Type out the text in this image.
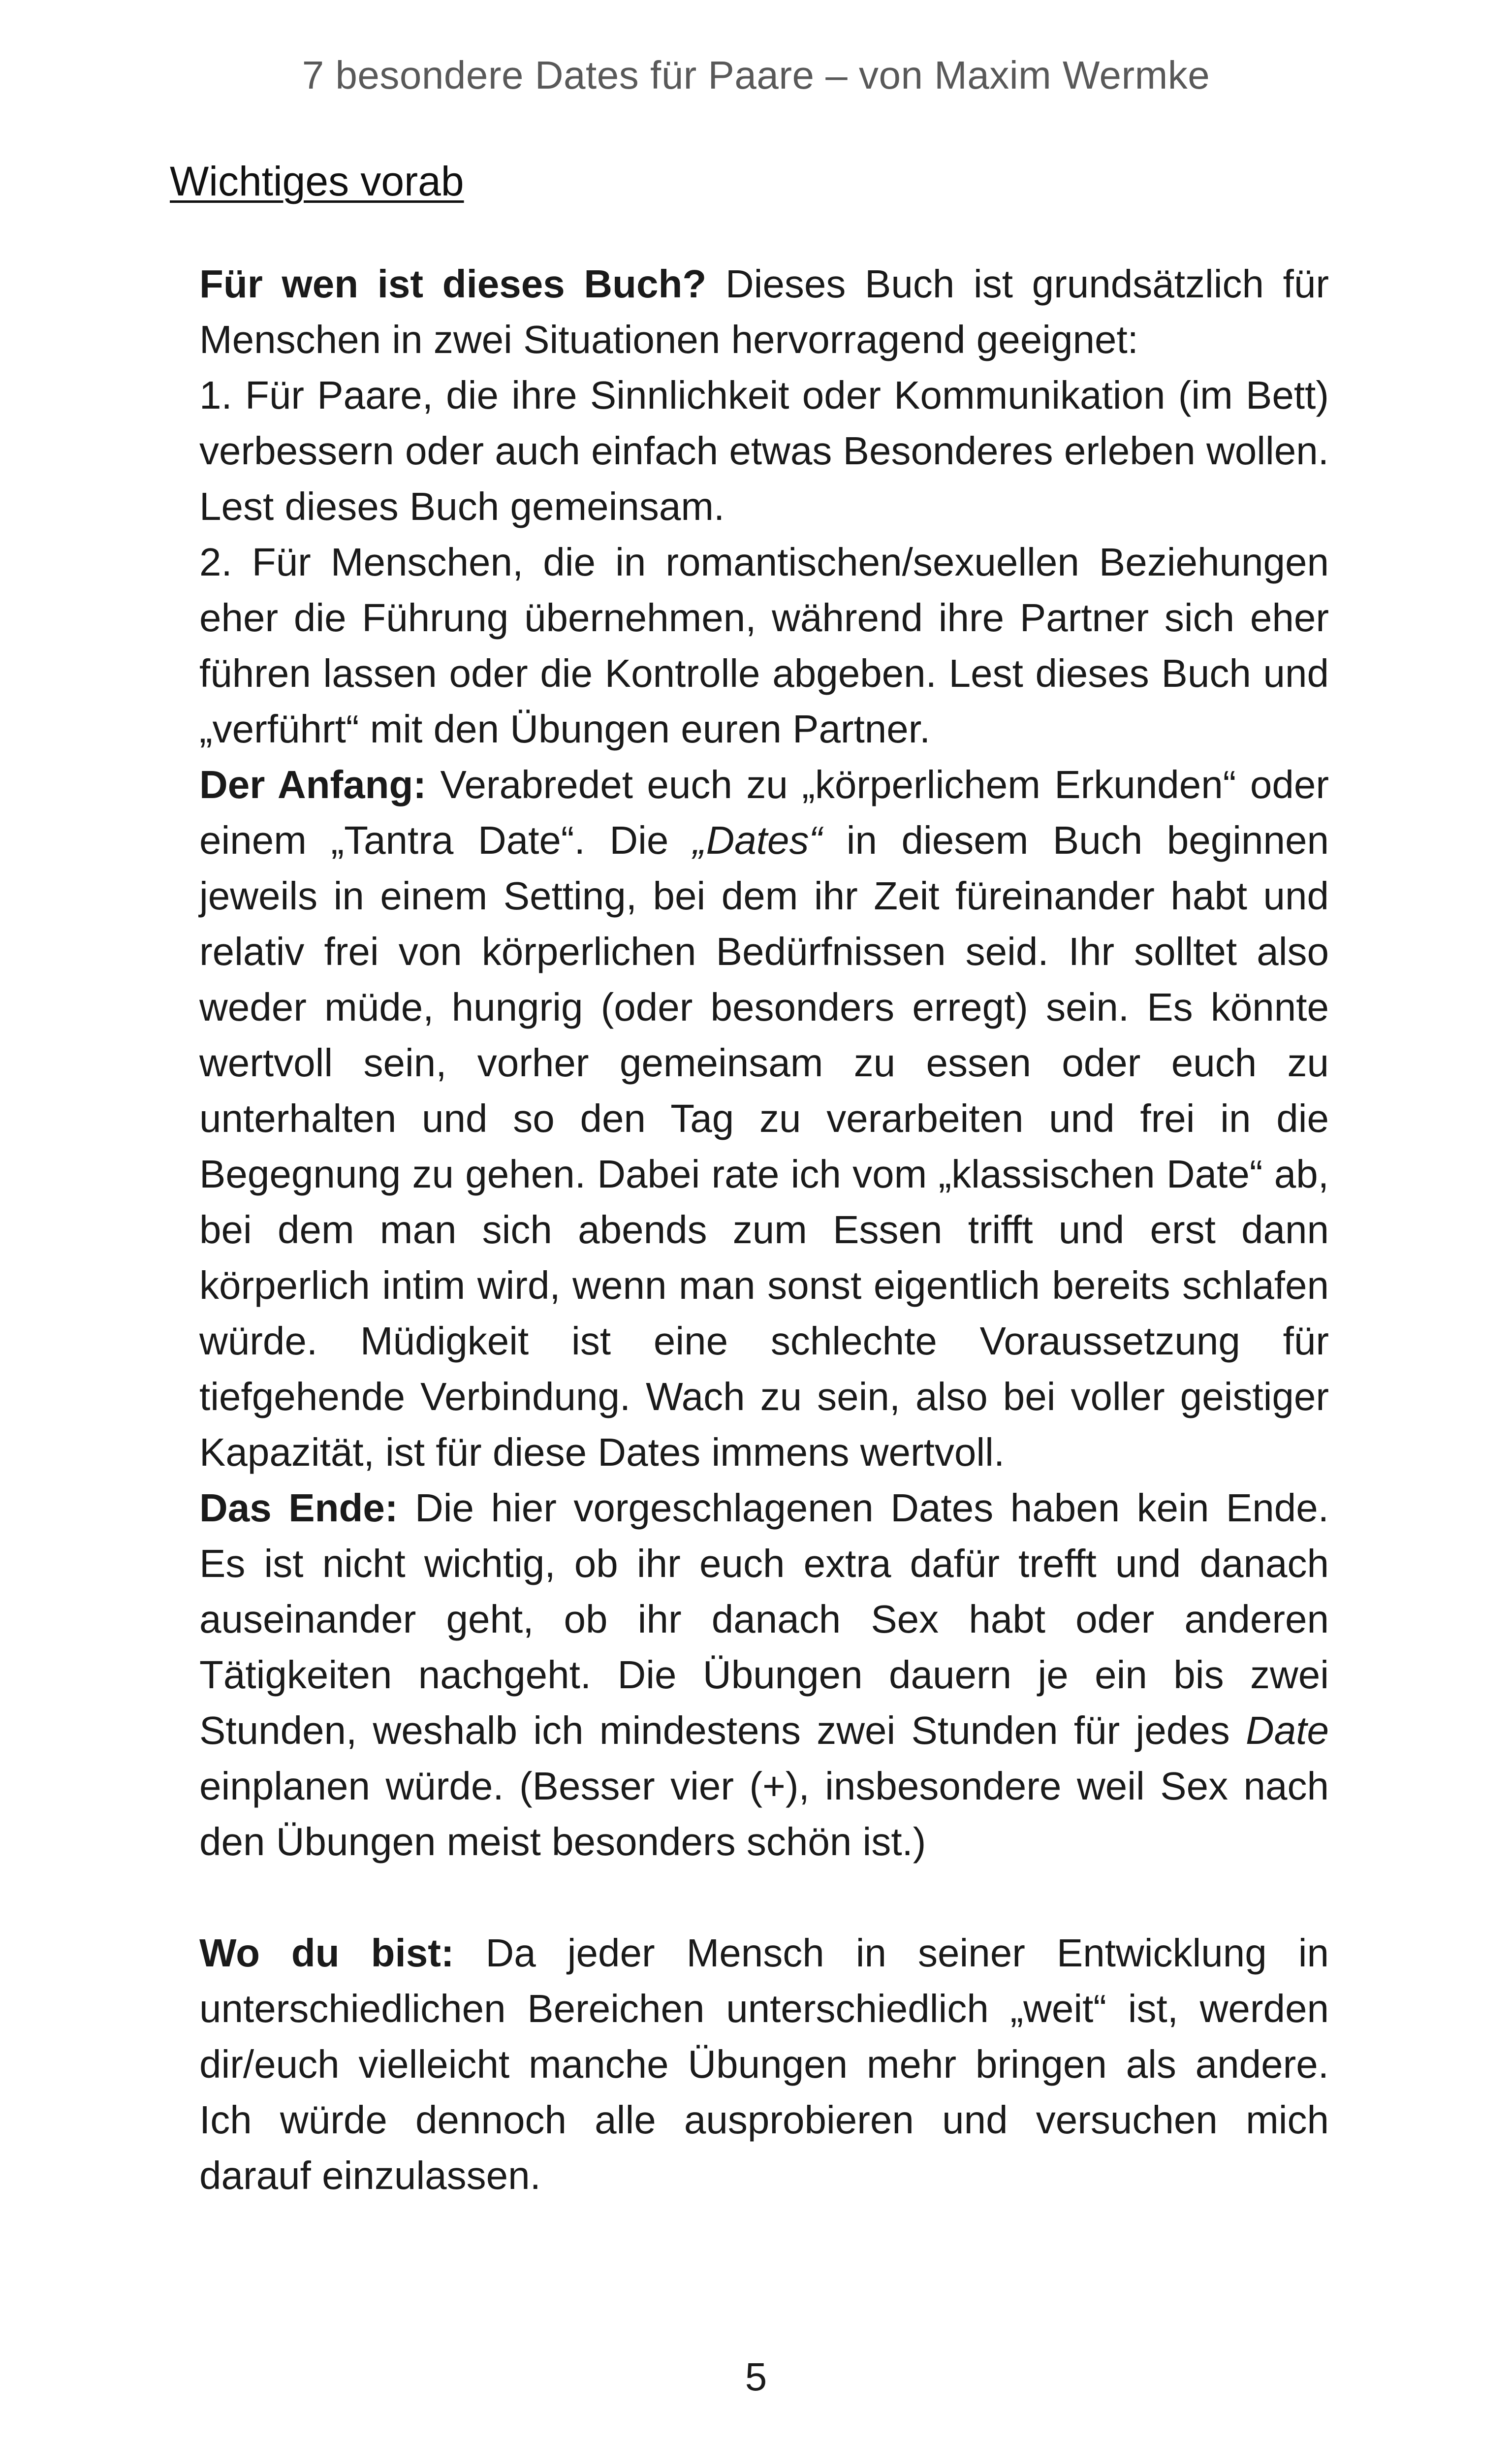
7 besondere Dates für Paare – von Maxim Wermke
Wichtiges vorab

Für wen ist dieses Buch? Dieses Buch ist grundsätzlich für Menschen in zwei Situationen hervorragend geeignet:

1. Für Paare, die ihre Sinnlichkeit oder Kommunikation (im Bett) verbessern oder auch einfach etwas Besonderes erleben wollen. Lest dieses Buch gemeinsam.

2. Für Menschen, die in romantischen/sexuellen Beziehungen eher die Führung übernehmen, während ihre Partner sich eher führen lassen oder die Kontrolle abgeben. Lest dieses Buch und „verführt“ mit den Übungen euren Partner.

Der Anfang: Verabredet euch zu „körperlichem Erkunden“ oder einem „Tantra Date“. Die „Dates“ in diesem Buch beginnen jeweils in einem Setting, bei dem ihr Zeit füreinander habt und relativ frei von körperlichen Bedürfnissen seid. Ihr solltet also weder müde, hungrig (oder besonders erregt) sein. Es könnte wertvoll sein, vorher gemeinsam zu essen oder euch zu unterhalten und so den Tag zu verarbeiten und frei in die Begegnung zu gehen. Dabei rate ich vom „klassischen Date“ ab, bei dem man sich abends zum Essen trifft und erst dann körperlich intim wird, wenn man sonst eigentlich bereits schlafen würde. Müdigkeit ist eine schlechte Voraussetzung für tiefgehende Verbindung. Wach zu sein, also bei voller geistiger Kapazität, ist für diese Dates immens wertvoll.

Das Ende: Die hier vorgeschlagenen Dates haben kein Ende. Es ist nicht wichtig, ob ihr euch extra dafür trefft und danach auseinander geht, ob ihr danach Sex habt oder anderen Tätigkeiten nachgeht. Die Übungen dauern je ein bis zwei Stunden, weshalb ich mindestens zwei Stunden für jedes Date einplanen würde. (Besser vier (+), insbesondere weil Sex nach den Übungen meist besonders schön ist.)

Wo du bist: Da jeder Mensch in seiner Entwicklung in unterschiedlichen Bereichen unterschiedlich „weit“ ist, werden dir/euch vielleicht manche Übungen mehr bringen als andere. Ich würde dennoch alle ausprobieren und versuchen mich darauf einzulassen.

5
